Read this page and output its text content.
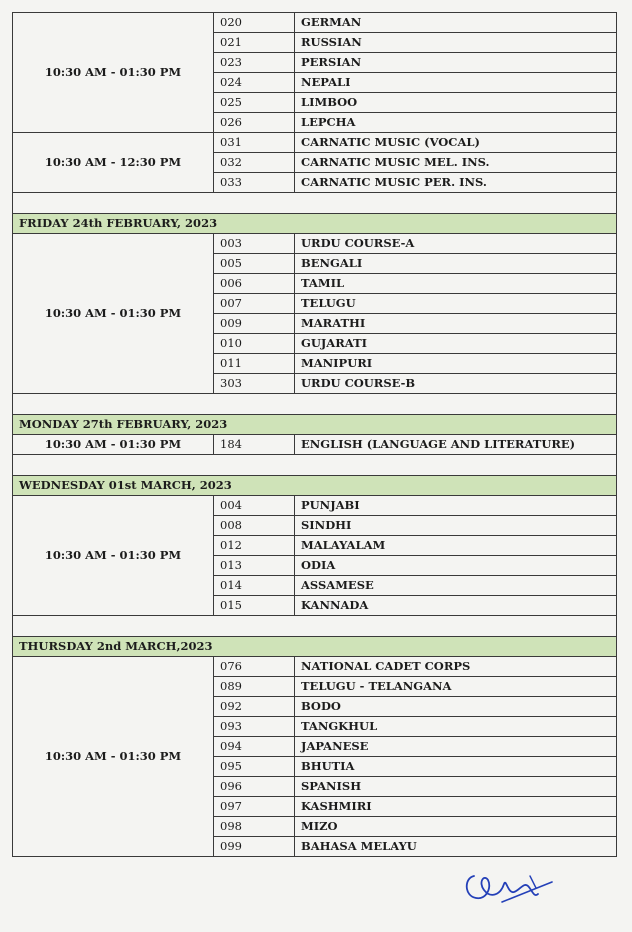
10:30 AM - 01:30 PM	020	GERMAN
	021	RUSSIAN
	023	PERSIAN
	024	NEPALI
	025	LIMBOO
	026	LEPCHA
10:30 AM - 12:30 PM	031	CARNATIC MUSIC (VOCAL)
	032	CARNATIC MUSIC MEL. INS.
	033	CARNATIC MUSIC PER. INS.

FRIDAY 24th FEBRUARY, 2023		
10:30 AM - 01:30 PM	003	URDU COURSE-A
	005	BENGALI
	006	TAMIL
	007	TELUGU
	009	MARATHI
	010	GUJARATI
	011	MANIPURI
	303	URDU COURSE-B

MONDAY 27th FEBRUARY, 2023		
10:30 AM - 01:30 PM	184	ENGLISH (LANGUAGE AND LITERATURE)

WEDNESDAY 01st MARCH, 2023		
10:30 AM - 01:30 PM	004	PUNJABI
	008	SINDHI
	012	MALAYALAM
	013	ODIA
	014	ASSAMESE
	015	KANNADA

THURSDAY 2nd MARCH,2023		
10:30 AM - 01:30 PM	076	NATIONAL CADET CORPS
	089	TELUGU - TELANGANA
	092	BODO
	093	TANGKHUL
	094	JAPANESE
	095	BHUTIA
	096	SPANISH
	097	KASHMIRI
	098	MIZO
	099	BAHASA MELAYU
